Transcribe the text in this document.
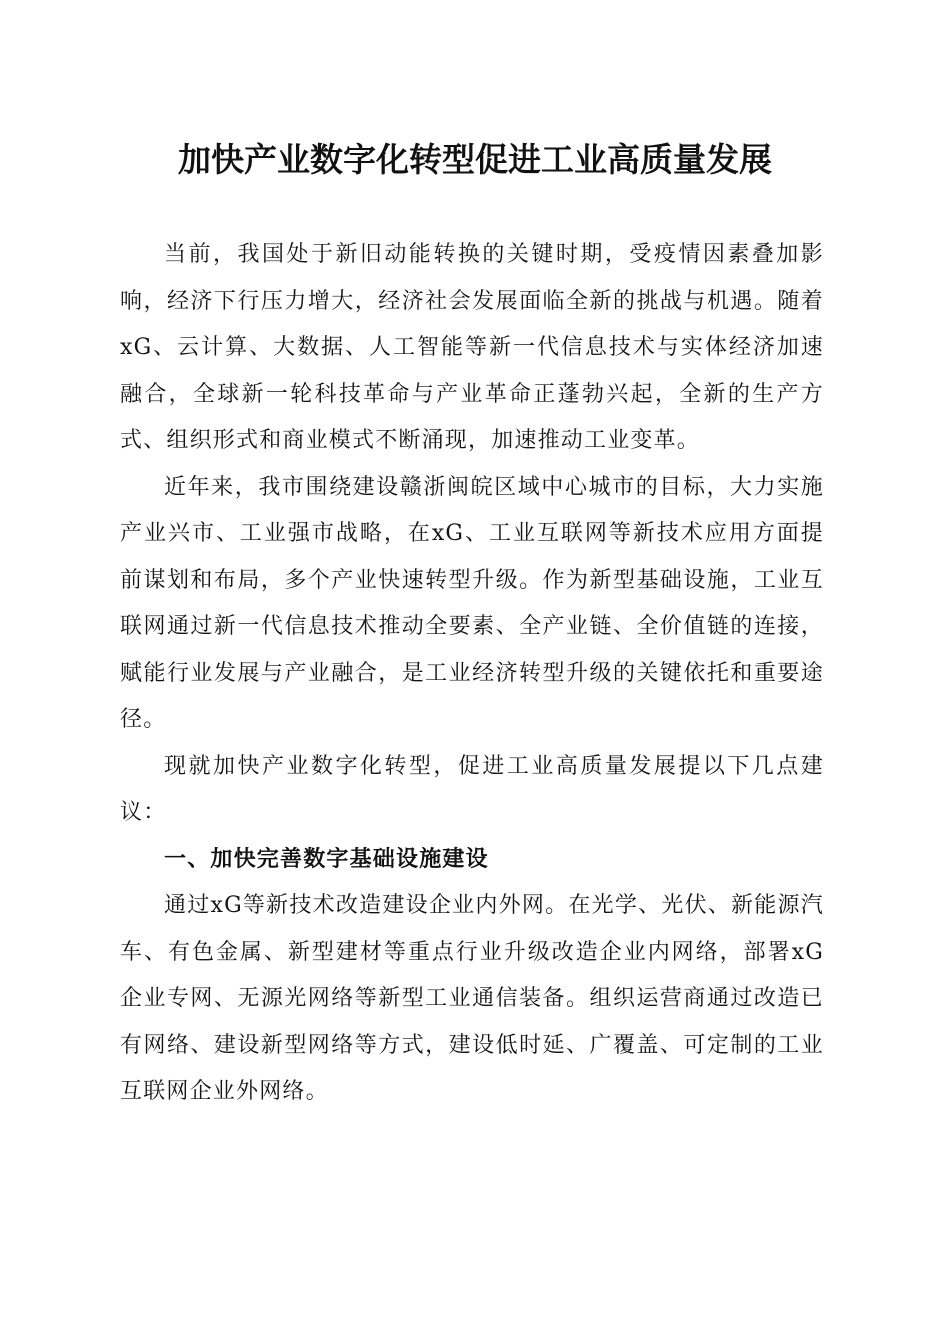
加快产业数字化转型促进工业高质量发展

当前，我国处于新旧动能转换的关键时期，受疫情因素叠加影响，经济下行压力增大，经济社会发展面临全新的挑战与机遇。随着xG、云计算、大数据、人工智能等新一代信息技术与实体经济加速融合，全球新一轮科技革命与产业革命正蓬勃兴起，全新的生产方式、组织形式和商业模式不断涌现，加速推动工业变革。

近年来，我市围绕建设赣浙闽皖区域中心城市的目标，大力实施产业兴市、工业强市战略，在xG、工业互联网等新技术应用方面提前谋划和布局，多个产业快速转型升级。作为新型基础设施，工业互联网通过新一代信息技术推动全要素、全产业链、全价值链的连接，赋能行业发展与产业融合，是工业经济转型升级的关键依托和重要途径。

现就加快产业数字化转型，促进工业高质量发展提以下几点建议：

一、加快完善数字基础设施建设

通过xG等新技术改造建设企业内外网。在光学、光伏、新能源汽车、有色金属、新型建材等重点行业升级改造企业内网络，部署xG企业专网、无源光网络等新型工业通信装备。组织运营商通过改造已有网络、建设新型网络等方式，建设低时延、广覆盖、可定制的工业互联网企业外网络。
